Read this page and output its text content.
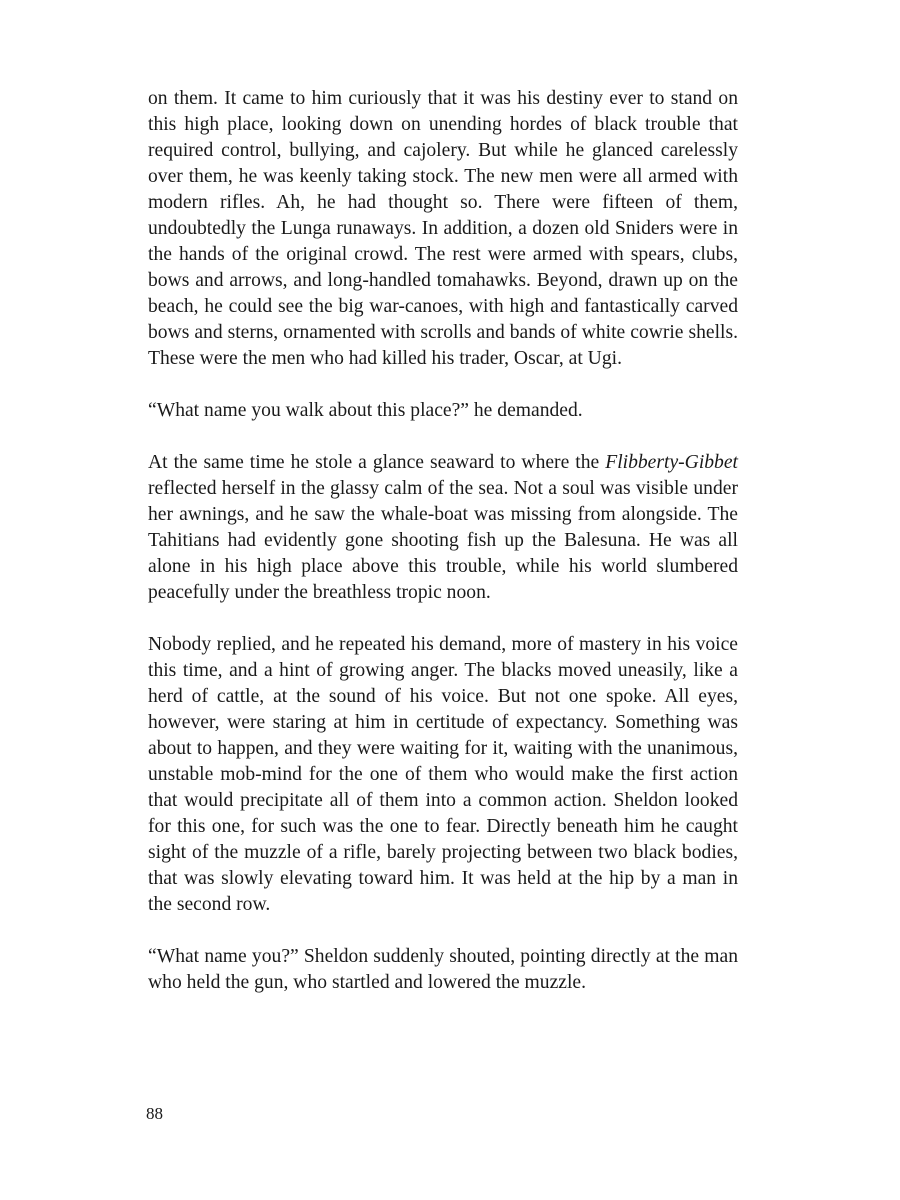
on them. It came to him curiously that it was his destiny ever to stand on this high place, looking down on unending hordes of black trouble that required control, bullying, and cajolery. But while he glanced carelessly over them, he was keenly taking stock. The new men were all armed with modern rifles. Ah, he had thought so. There were fifteen of them, undoubtedly the Lunga runaways. In addition, a dozen old Sniders were in the hands of the original crowd. The rest were armed with spears, clubs, bows and arrows, and long-handled tomahawks. Beyond, drawn up on the beach, he could see the big war-canoes, with high and fantastically carved bows and sterns, ornamented with scrolls and bands of white cowrie shells. These were the men who had killed his trader, Oscar, at Ugi.

“What name you walk about this place?” he demanded.

At the same time he stole a glance seaward to where the Flibberty-Gibbet reflected herself in the glassy calm of the sea. Not a soul was visible under her awnings, and he saw the whale-boat was missing from alongside. The Tahitians had evidently gone shooting fish up the Balesuna. He was all alone in his high place above this trouble, while his world slumbered peacefully under the breathless tropic noon.

Nobody replied, and he repeated his demand, more of mastery in his voice this time, and a hint of growing anger. The blacks moved uneasily, like a herd of cattle, at the sound of his voice. But not one spoke. All eyes, however, were staring at him in certitude of expectancy. Something was about to happen, and they were waiting for it, waiting with the unanimous, unstable mob-mind for the one of them who would make the first action that would precipitate all of them into a common action. Sheldon looked for this one, for such was the one to fear. Directly beneath him he caught sight of the muzzle of a rifle, barely projecting between two black bodies, that was slowly elevating toward him. It was held at the hip by a man in the second row.

“What name you?” Sheldon suddenly shouted, pointing directly at the man who held the gun, who startled and lowered the muzzle.

88
